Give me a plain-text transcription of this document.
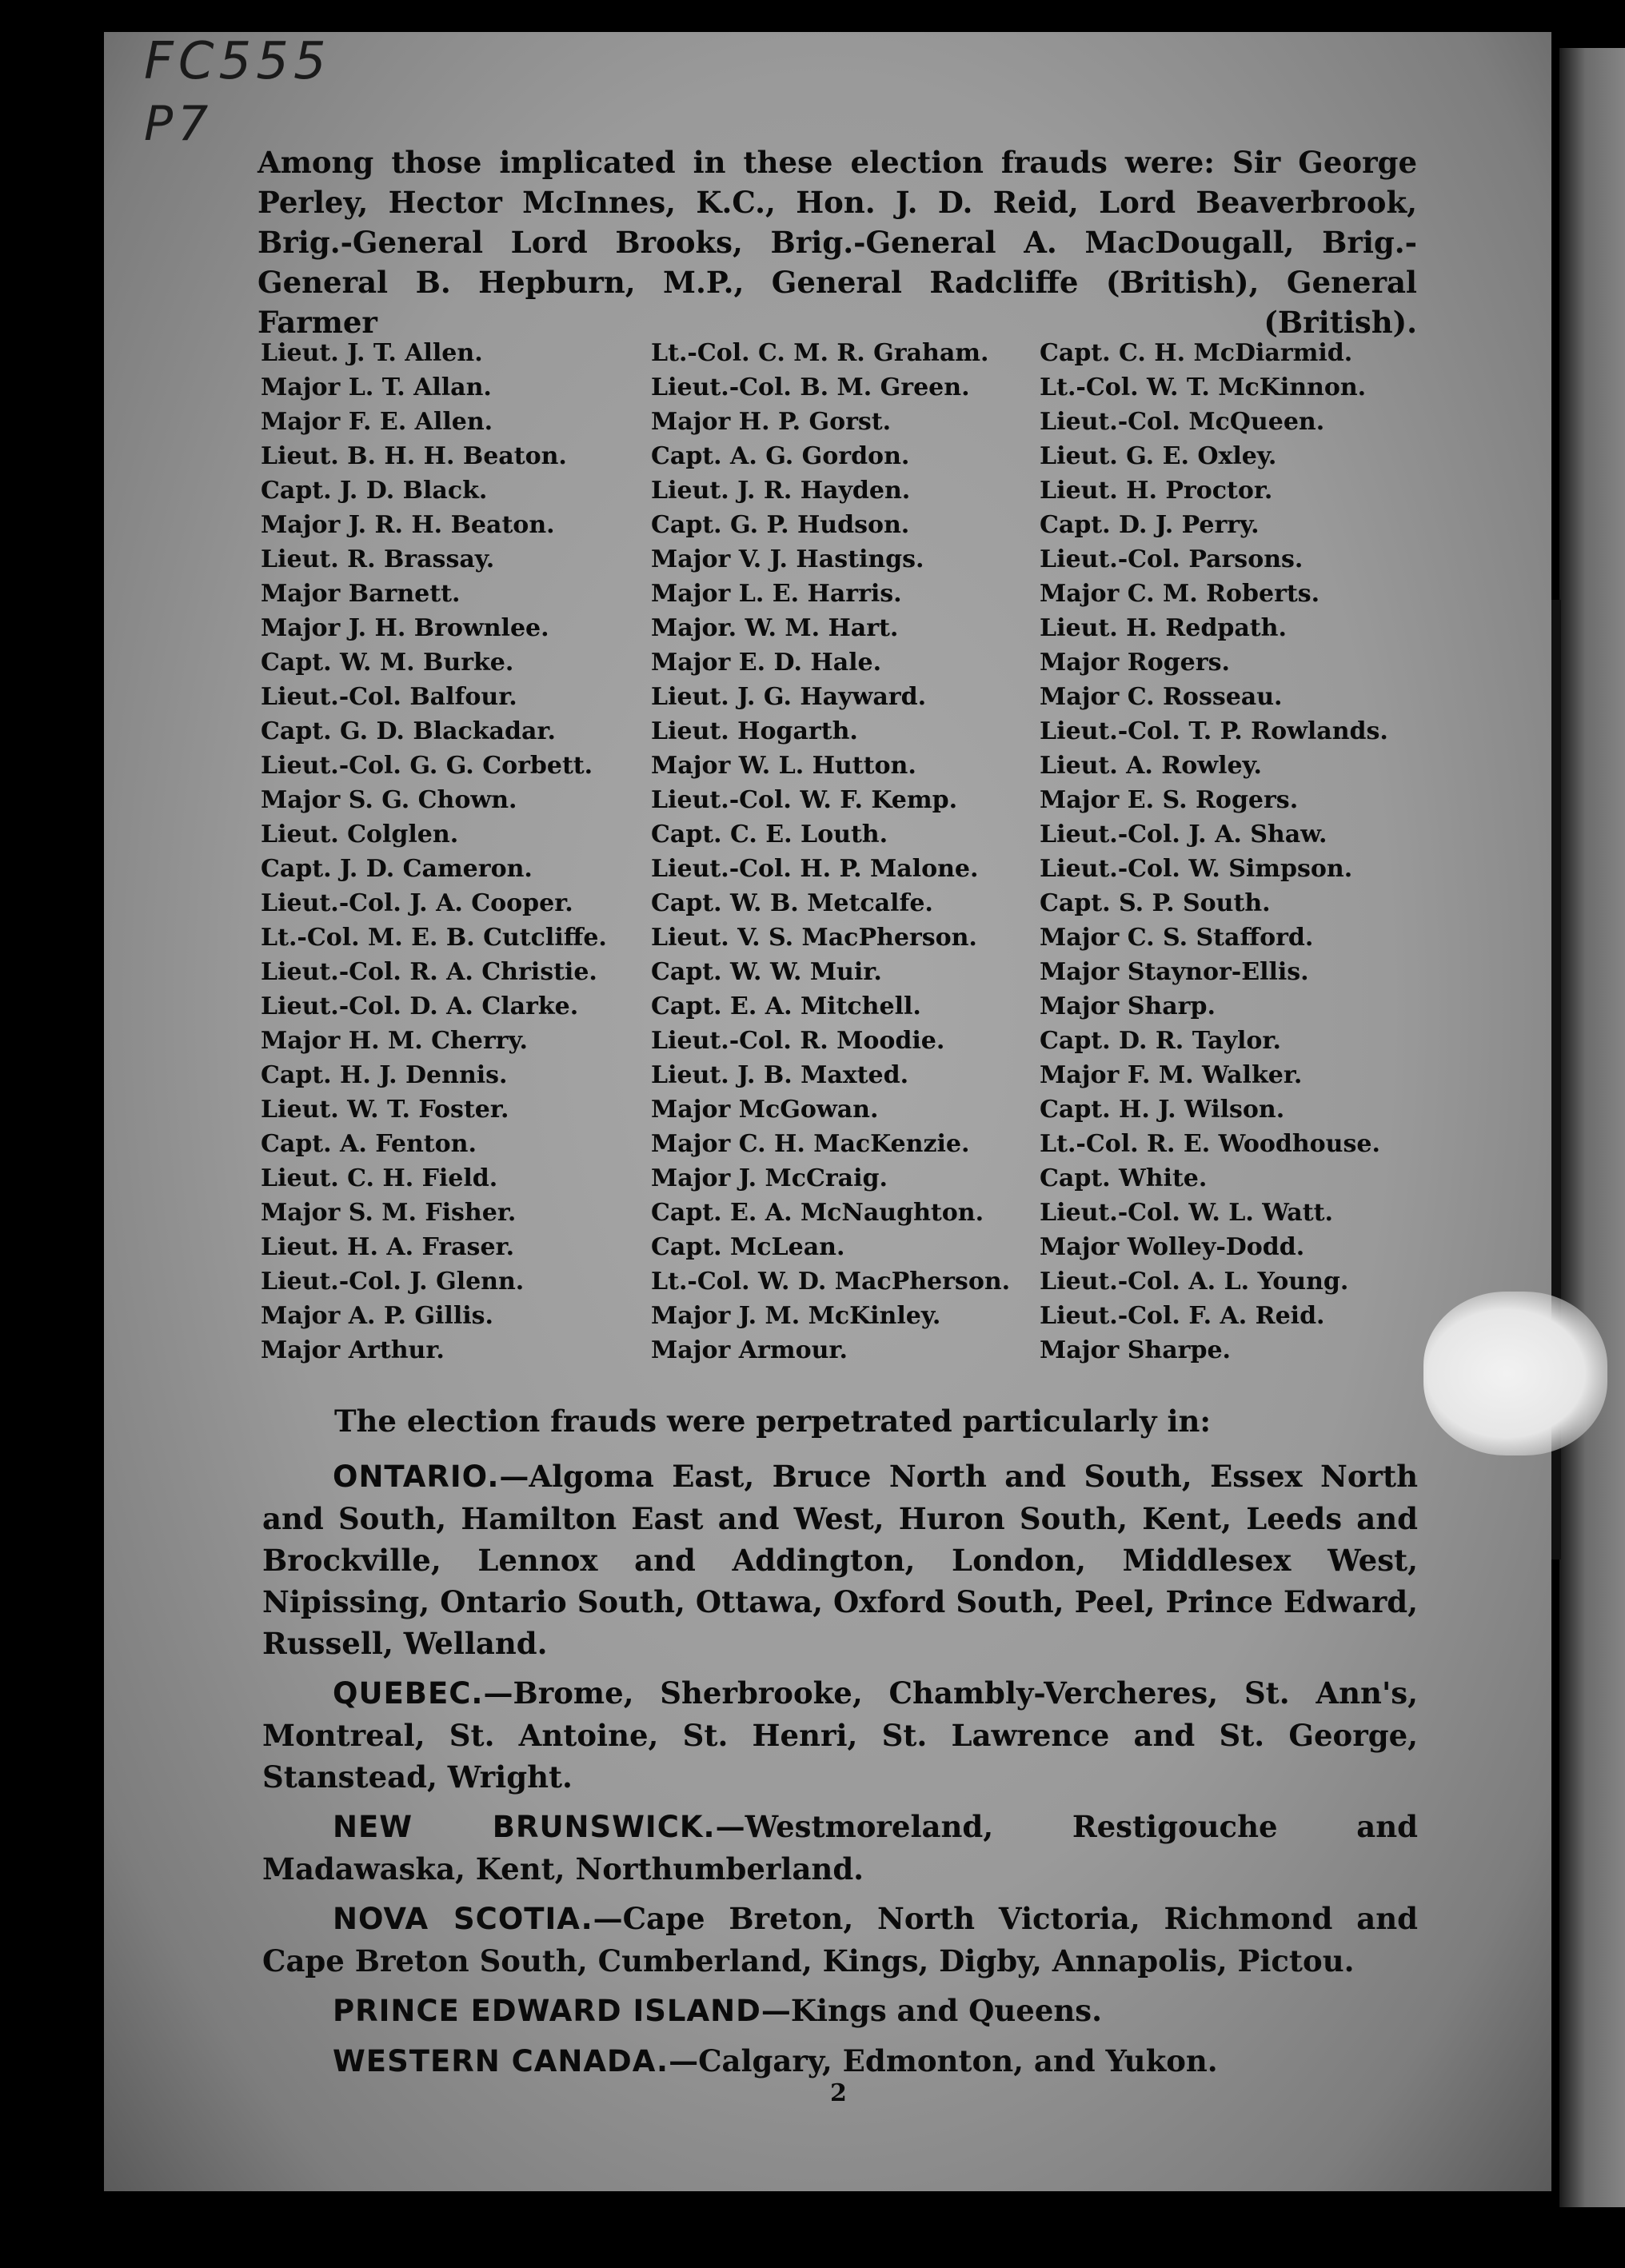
FC555
P7
Among those implicated in these election frauds were: Sir George Perley, Hector McInnes, K.C., Hon. J. D. Reid, Lord Beaverbrook, Brig.-General Lord Brooks, Brig.-General A. MacDougall, Brig.-General B. Hepburn, M.P., General Radcliffe (British), General Farmer (British).
Lieut. J. T. Allen.
Major L. T. Allan.
Major F. E. Allen.
Lieut. B. H. H. Beaton.
Capt. J. D. Black.
Major J. R. H. Beaton.
Lieut. R. Brassay.
Major Barnett.
Major J. H. Brownlee.
Capt. W. M. Burke.
Lieut.-Col. Balfour.
Capt. G. D. Blackadar.
Lieut.-Col. G. G. Corbett.
Major S. G. Chown.
Lieut. Colglen.
Capt. J. D. Cameron.
Lieut.-Col. J. A. Cooper.
Lt.-Col. M. E. B. Cutcliffe.
Lieut.-Col. R. A. Christie.
Lieut.-Col. D. A. Clarke.
Major H. M. Cherry.
Capt. H. J. Dennis.
Lieut. W. T. Foster.
Capt. A. Fenton.
Lieut. C. H. Field.
Major S. M. Fisher.
Lieut. H. A. Fraser.
Lieut.-Col. J. Glenn.
Major A. P. Gillis.
Major Arthur.
Lt.-Col. C. M. R. Graham.
Lieut.-Col. B. M. Green.
Major H. P. Gorst.
Capt. A. G. Gordon.
Lieut. J. R. Hayden.
Capt. G. P. Hudson.
Major V. J. Hastings.
Major L. E. Harris.
Major. W. M. Hart.
Major E. D. Hale.
Lieut. J. G. Hayward.
Lieut. Hogarth.
Major W. L. Hutton.
Lieut.-Col. W. F. Kemp.
Capt. C. E. Louth.
Lieut.-Col. H. P. Malone.
Capt. W. B. Metcalfe.
Lieut. V. S. MacPherson.
Capt. W. W. Muir.
Capt. E. A. Mitchell.
Lieut.-Col. R. Moodie.
Lieut. J. B. Maxted.
Major McGowan.
Major C. H. MacKenzie.
Major J. McCraig.
Capt. E. A. McNaughton.
Capt. McLean.
Lt.-Col. W. D. MacPherson.
Major J. M. McKinley.
Major Armour.
Capt. C. H. McDiarmid.
Lt.-Col. W. T. McKinnon.
Lieut.-Col. McQueen.
Lieut. G. E. Oxley.
Lieut. H. Proctor.
Capt. D. J. Perry.
Lieut.-Col. Parsons.
Major C. M. Roberts.
Lieut. H. Redpath.
Major Rogers.
Major C. Rosseau.
Lieut.-Col. T. P. Rowlands.
Lieut. A. Rowley.
Major E. S. Rogers.
Lieut.-Col. J. A. Shaw.
Lieut.-Col. W. Simpson.
Capt. S. P. South.
Major C. S. Stafford.
Major Staynor-Ellis.
Major Sharp.
Capt. D. R. Taylor.
Major F. M. Walker.
Capt. H. J. Wilson.
Lt.-Col. R. E. Woodhouse.
Capt. White.
Lieut.-Col. W. L. Watt.
Major Wolley-Dodd.
Lieut.-Col. A. L. Young.
Lieut.-Col. F. A. Reid.
Major Sharpe.
The election frauds were perpetrated particularly in:

ONTARIO.—Algoma East, Bruce North and South, Essex North and South, Hamilton East and West, Huron South, Kent, Leeds and Brockville, Lennox and Addington, London, Middlesex West, Nipissing, Ontario South, Ottawa, Oxford South, Peel, Prince Edward, Russell, Welland.

QUEBEC.—Brome, Sherbrooke, Chambly-Vercheres, St. Ann's, Montreal, St. Antoine, St. Henri, St. Lawrence and St. George, Stanstead, Wright.

NEW BRUNSWICK.—Westmoreland, Restigouche and Madawaska, Kent, Northumberland.

NOVA SCOTIA.—Cape Breton, North Victoria, Richmond and Cape Breton South, Cumberland, Kings, Digby, Annapolis, Pictou.

PRINCE EDWARD ISLAND—Kings and Queens.

WESTERN CANADA.—Calgary, Edmonton, and Yukon.

2
